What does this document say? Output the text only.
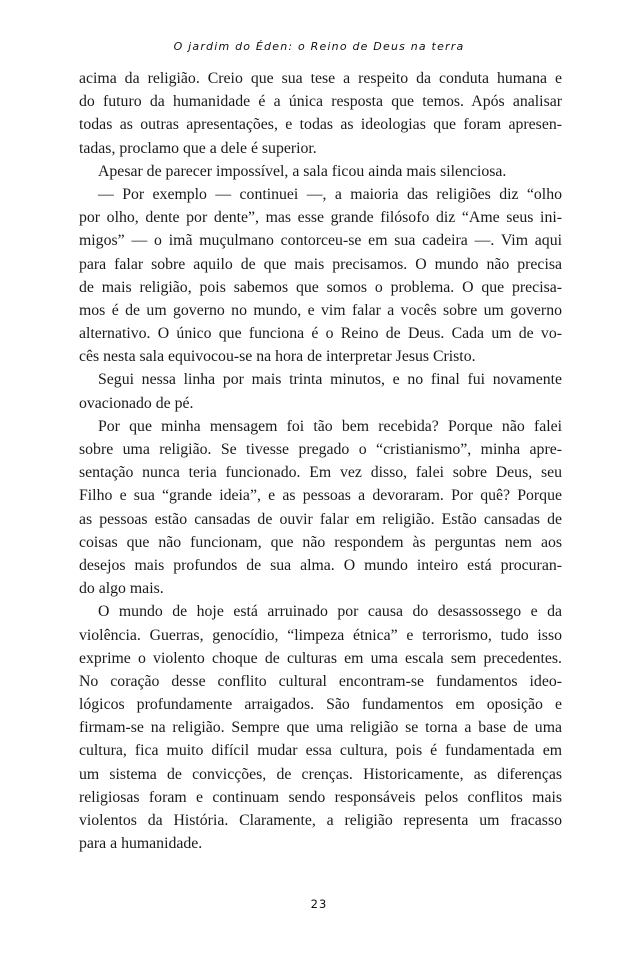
O jardim do Éden: o Reino de Deus na terra
acima da religião. Creio que sua tese a respeito da conduta humana e
do futuro da humanidade é a única resposta que temos. Após analisar
todas as outras apresentações, e todas as ideologias que foram apresen-
tadas, proclamo que a dele é superior.
Apesar de parecer impossível, a sala ficou ainda mais silenciosa.
— Por exemplo — continuei —, a maioria das religiões diz “olho
por olho, dente por dente”, mas esse grande filósofo diz “Ame seus ini-
migos” — o imã muçulmano contorceu-se em sua cadeira —. Vim aqui
para falar sobre aquilo de que mais precisamos. O mundo não precisa
de mais religião, pois sabemos que somos o problema. O que precisa-
mos é de um governo no mundo, e vim falar a vocês sobre um governo
alternativo. O único que funciona é o Reino de Deus. Cada um de vo-
cês nesta sala equivocou-se na hora de interpretar Jesus Cristo.
Segui nessa linha por mais trinta minutos, e no final fui novamente
ovacionado de pé.
Por que minha mensagem foi tão bem recebida? Porque não falei
sobre uma religião. Se tivesse pregado o “cristianismo”, minha apre-
sentação nunca teria funcionado. Em vez disso, falei sobre Deus, seu
Filho e sua “grande ideia”, e as pessoas a devoraram. Por quê? Porque
as pessoas estão cansadas de ouvir falar em religião. Estão cansadas de
coisas que não funcionam, que não respondem às perguntas nem aos
desejos mais profundos de sua alma. O mundo inteiro está procuran-
do algo mais.
O mundo de hoje está arruinado por causa do desassossego e da
violência. Guerras, genocídio, “limpeza étnica” e terrorismo, tudo isso
exprime o violento choque de culturas em uma escala sem precedentes.
No coração desse conflito cultural encontram-se fundamentos ideo-
lógicos profundamente arraigados. São fundamentos em oposição e
firmam-se na religião. Sempre que uma religião se torna a base de uma
cultura, fica muito difícil mudar essa cultura, pois é fundamentada em
um sistema de convicções, de crenças. Historicamente, as diferenças
religiosas foram e continuam sendo responsáveis pelos conflitos mais
violentos da História. Claramente, a religião representa um fracasso
para a humanidade.
23
